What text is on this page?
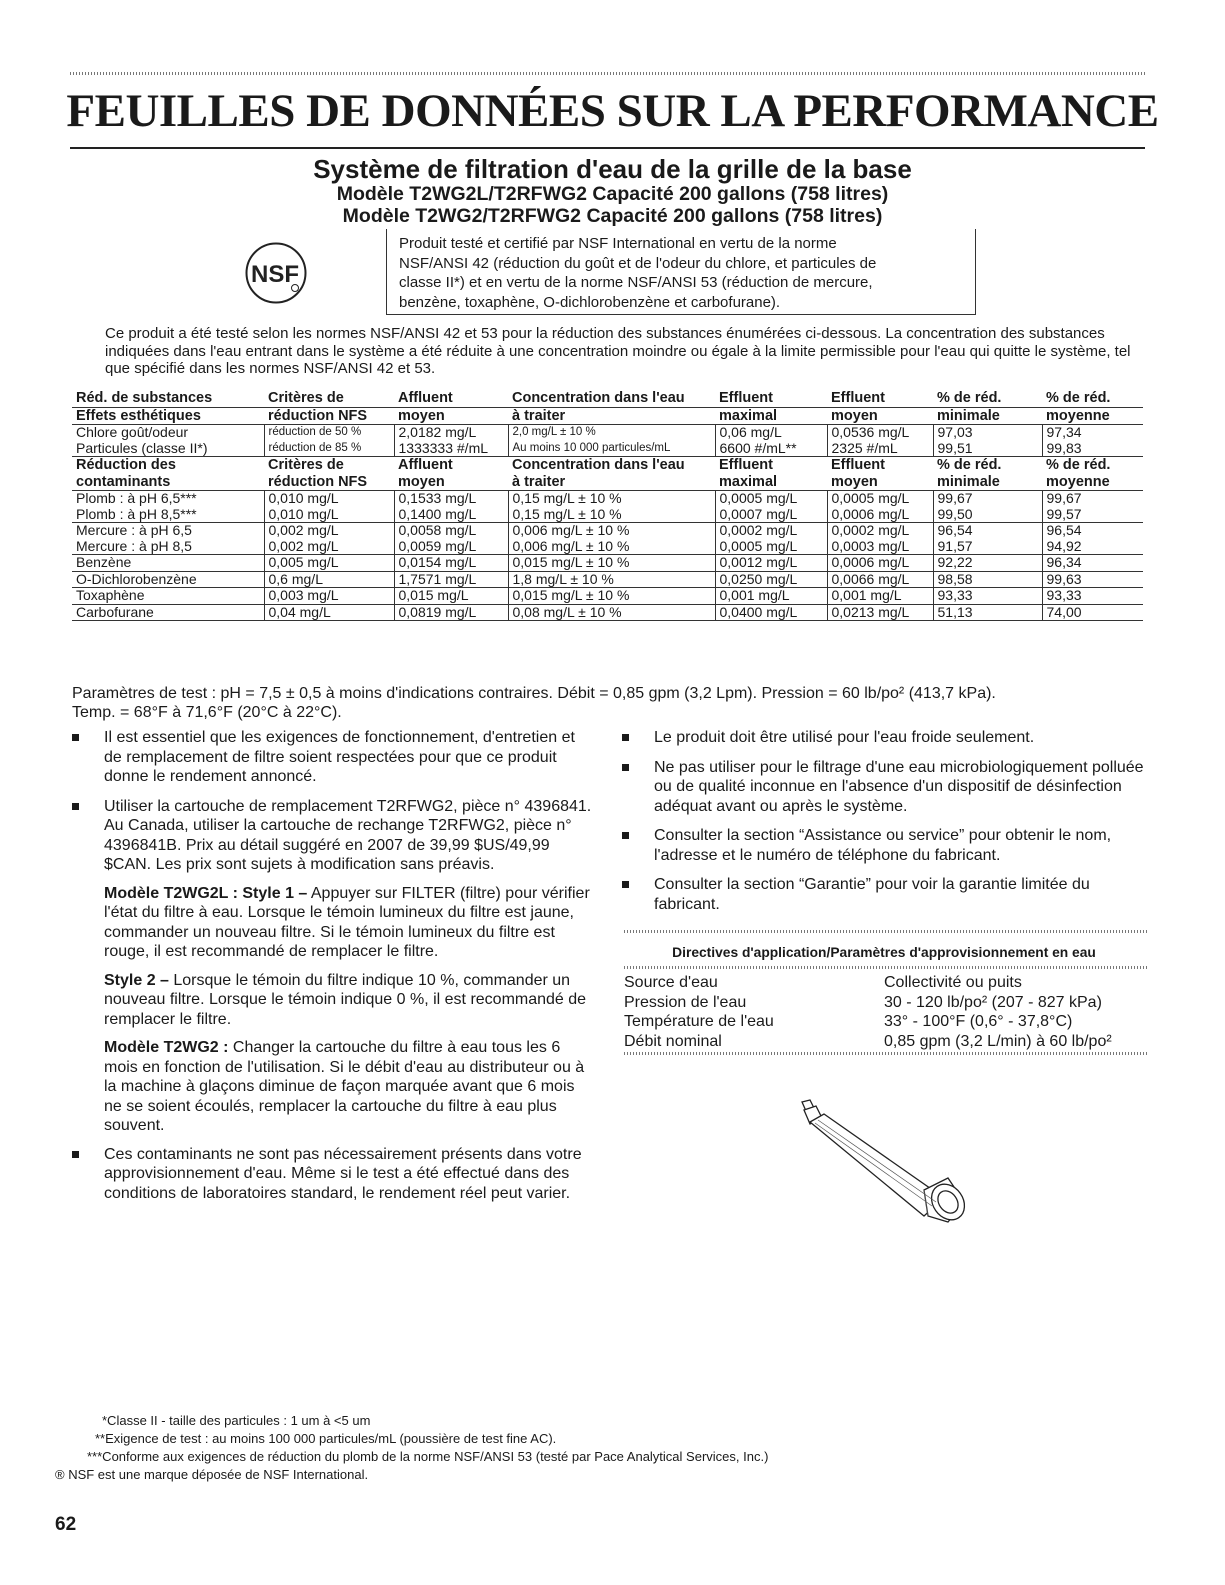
FEUILLES DE DONNÉES SUR LA PERFORMANCE
Système de filtration d'eau de la grille de la base
Modèle T2WG2L/T2RFWG2 Capacité 200 gallons (758 litres)
Modèle T2WG2/T2RFWG2 Capacité 200 gallons (758 litres)
NSF
Produit testé et certifié par NSF International en vertu de la norme
NSF/ANSI 42 (réduction du goût et de l'odeur du chlore, et particules de
classe II*) et en vertu de la norme NSF/ANSI 53 (réduction de mercure,
benzène, toxaphène, O-dichlorobenzène et carbofurane).

Ce produit a été testé selon les normes NSF/ANSI 42 et 53 pour la réduction des substances énumérées ci-dessous. La concentration des substances indiquées dans l'eau entrant dans le système a été réduite à une concentration moindre ou égale à la limite permissible pour l'eau qui quitte le système, tel que spécifié dans les normes NSF/ANSI 42 et 53.

Réd. de substances	Critères de	Affluent	Concentration dans l'eau	Effluent	Effluent	% de réd.	% de réd.
Effets esthétiques	réduction NFS	moyen	à traiter	maximal	moyen	minimale	moyenne
Chlore goût/odeur	réduction de 50 %	2,0182 mg/L	2,0 mg/L ± 10 %	0,06 mg/L	0,0536 mg/L	97,03	97,34
Particules (classe II*)	réduction de 85 %	1333333 #/mL	Au moins 10 000 particules/mL	6600 #/mL**	2325 #/mL	99,51	99,83
Réduction des	Critères de	Affluent	Concentration dans l'eau	Effluent	Effluent	% de réd.	% de réd.
contaminants	réduction NFS	moyen	à traiter	maximal	moyen	minimale	moyenne
Plomb : à pH 6,5***	0,010 mg/L	0,1533 mg/L	0,15 mg/L ± 10 %	0,0005 mg/L	0,0005 mg/L	99,67	99,67
Plomb : à pH 8,5***	0,010 mg/L	0,1400 mg/L	0,15 mg/L ± 10 %	0,0007 mg/L	0,0006 mg/L	99,50	99,57
Mercure : à pH 6,5	0,002 mg/L	0,0058 mg/L	0,006 mg/L ± 10 %	0,0002 mg/L	0,0002 mg/L	96,54	96,54
Mercure : à pH 8,5	0,002 mg/L	0,0059 mg/L	0,006 mg/L ± 10 %	0,0005 mg/L	0,0003 mg/L	91,57	94,92
Benzène	0,005 mg/L	0,0154 mg/L	0,015 mg/L ± 10 %	0,0012 mg/L	0,0006 mg/L	92,22	96,34
O-Dichlorobenzène	0,6 mg/L	1,7571 mg/L	1,8 mg/L ± 10 %	0,0250 mg/L	0,0066 mg/L	98,58	99,63
Toxaphène	0,003 mg/L	0,015 mg/L	0,015 mg/L ± 10 %	0,001 mg/L	0,001 mg/L	93,33	93,33
Carbofurane	0,04 mg/L	0,0819 mg/L	0,08 mg/L ± 10 %	0,0400 mg/L	0,0213 mg/L	51,13	74,00
Paramètres de test : pH = 7,5 ± 0,5 à moins d'indications contraires. Débit = 0,85 gpm (3,2 Lpm). Pression = 60 lb/po² (413,7 kPa).
Temp. = 68°F à 71,6°F (20°C à 22°C).
Il est essentiel que les exigences de fonctionnement, d'entretien et de remplacement de filtre soient respectées pour que ce produit donne le rendement annoncé.
Utiliser la cartouche de remplacement T2RFWG2, pièce n° 4396841. Au Canada, utiliser la cartouche de rechange T2RFWG2, pièce n° 4396841B. Prix au détail suggéré en 2007 de 39,99 $US/49,99 $CAN. Les prix sont sujets à modification sans préavis.
Modèle T2WG2L : Style 1 – Appuyer sur FILTER (filtre) pour vérifier l'état du filtre à eau. Lorsque le témoin lumineux du filtre est jaune, commander un nouveau filtre. Si le témoin lumineux du filtre est rouge, il est recommandé de remplacer le filtre.
Style 2 – Lorsque le témoin du filtre indique 10 %, commander un nouveau filtre. Lorsque le témoin indique 0 %, il est recommandé de remplacer le filtre.
Modèle T2WG2 : Changer la cartouche du filtre à eau tous les 6 mois en fonction de l'utilisation. Si le débit d'eau au distributeur ou à la machine à glaçons diminue de façon marquée avant que 6 mois ne se soient écoulés, remplacer la cartouche du filtre à eau plus souvent.
Ces contaminants ne sont pas nécessairement présents dans votre approvisionnement d'eau. Même si le test a été effectué dans des conditions de laboratoires standard, le rendement réel peut varier.
Le produit doit être utilisé pour l'eau froide seulement.
Ne pas utiliser pour le filtrage d'une eau microbiologiquement polluée ou de qualité inconnue en l'absence d'un dispositif de désinfection adéquat avant ou après le système.
Consulter la section “Assistance ou service” pour obtenir le nom, l'adresse et le numéro de téléphone du fabricant.
Consulter la section “Garantie” pour voir la garantie limitée du fabricant.
Directives d'application/Paramètres d'approvisionnement en eau
Source d'eau	Collectivité ou puits
Pression de l'eau	30 - 120 lb/po² (207 - 827 kPa)
Température de l'eau	33° - 100°F (0,6° - 37,8°C)
Débit nominal	0,85 gpm (3,2 L/min) à 60 lb/po²
*Classe II - taille des particules : 1 um à <5 um
**Exigence de test : au moins 100 000 particules/mL (poussière de test fine AC).
***Conforme aux exigences de réduction du plomb de la norme NSF/ANSI 53 (testé par Pace Analytical Services, Inc.)
® NSF est une marque déposée de NSF International.
62
